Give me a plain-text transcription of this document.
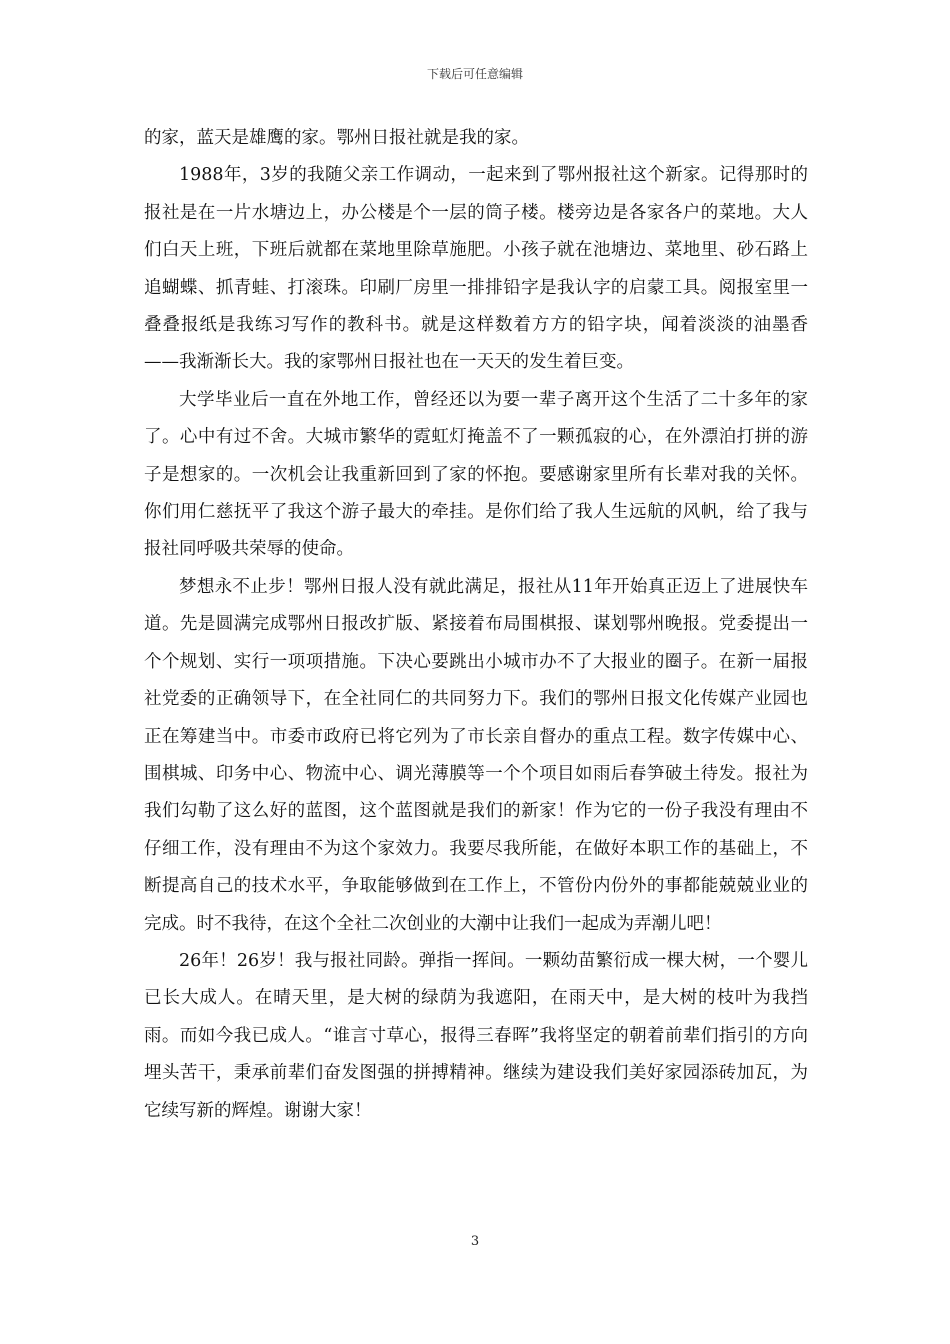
下载后可任意编辑

的家，蓝天是雄鹰的家。鄂州日报社就是我的家。

1988年，3岁的我随父亲工作调动，一起来到了鄂州报社这个新家。记得那时的报社是在一片水塘边上，办公楼是个一层的筒子楼。楼旁边是各家各户的菜地。大人们白天上班，下班后就都在菜地里除草施肥。小孩子就在池塘边、菜地里、砂石路上追蝴蝶、抓青蛙、打滚珠。印刷厂房里一排排铅字是我认字的启蒙工具。阅报室里一叠叠报纸是我练习写作的教科书。就是这样数着方方的铅字块，闻着淡淡的油墨香——我渐渐长大。我的家鄂州日报社也在一天天的发生着巨变。

大学毕业后一直在外地工作，曾经还以为要一辈子离开这个生活了二十多年的家了。心中有过不舍。大城市繁华的霓虹灯掩盖不了一颗孤寂的心，在外漂泊打拼的游子是想家的。一次机会让我重新回到了家的怀抱。要感谢家里所有长辈对我的关怀。你们用仁慈抚平了我这个游子最大的牵挂。是你们给了我人生远航的风帆，给了我与报社同呼吸共荣辱的使命。

梦想永不止步！鄂州日报人没有就此满足，报社从11年开始真正迈上了进展快车道。先是圆满完成鄂州日报改扩版、紧接着布局围棋报、谋划鄂州晚报。党委提出一个个规划、实行一项项措施。下决心要跳出小城市办不了大报业的圈子。在新一届报社党委的正确领导下，在全社同仁的共同努力下。我们的鄂州日报文化传媒产业园也正在筹建当中。市委市政府已将它列为了市长亲自督办的重点工程。数字传媒中心、围棋城、印务中心、物流中心、调光薄膜等一个个项目如雨后春笋破土待发。报社为我们勾勒了这么好的蓝图，这个蓝图就是我们的新家！作为它的一份子我没有理由不仔细工作，没有理由不为这个家效力。我要尽我所能，在做好本职工作的基础上，不断提高自己的技术水平，争取能够做到在工作上，不管份内份外的事都能兢兢业业的完成。时不我待，在这个全社二次创业的大潮中让我们一起成为弄潮儿吧！

26年！26岁！我与报社同龄。弹指一挥间。一颗幼苗繁衍成一棵大树，一个婴儿已长大成人。在晴天里，是大树的绿荫为我遮阳，在雨天中，是大树的枝叶为我挡雨。而如今我已成人。“谁言寸草心，报得三春晖”我将坚定的朝着前辈们指引的方向埋头苦干，秉承前辈们奋发图强的拼搏精神。继续为建设我们美好家园添砖加瓦，为它续写新的辉煌。谢谢大家！

3
